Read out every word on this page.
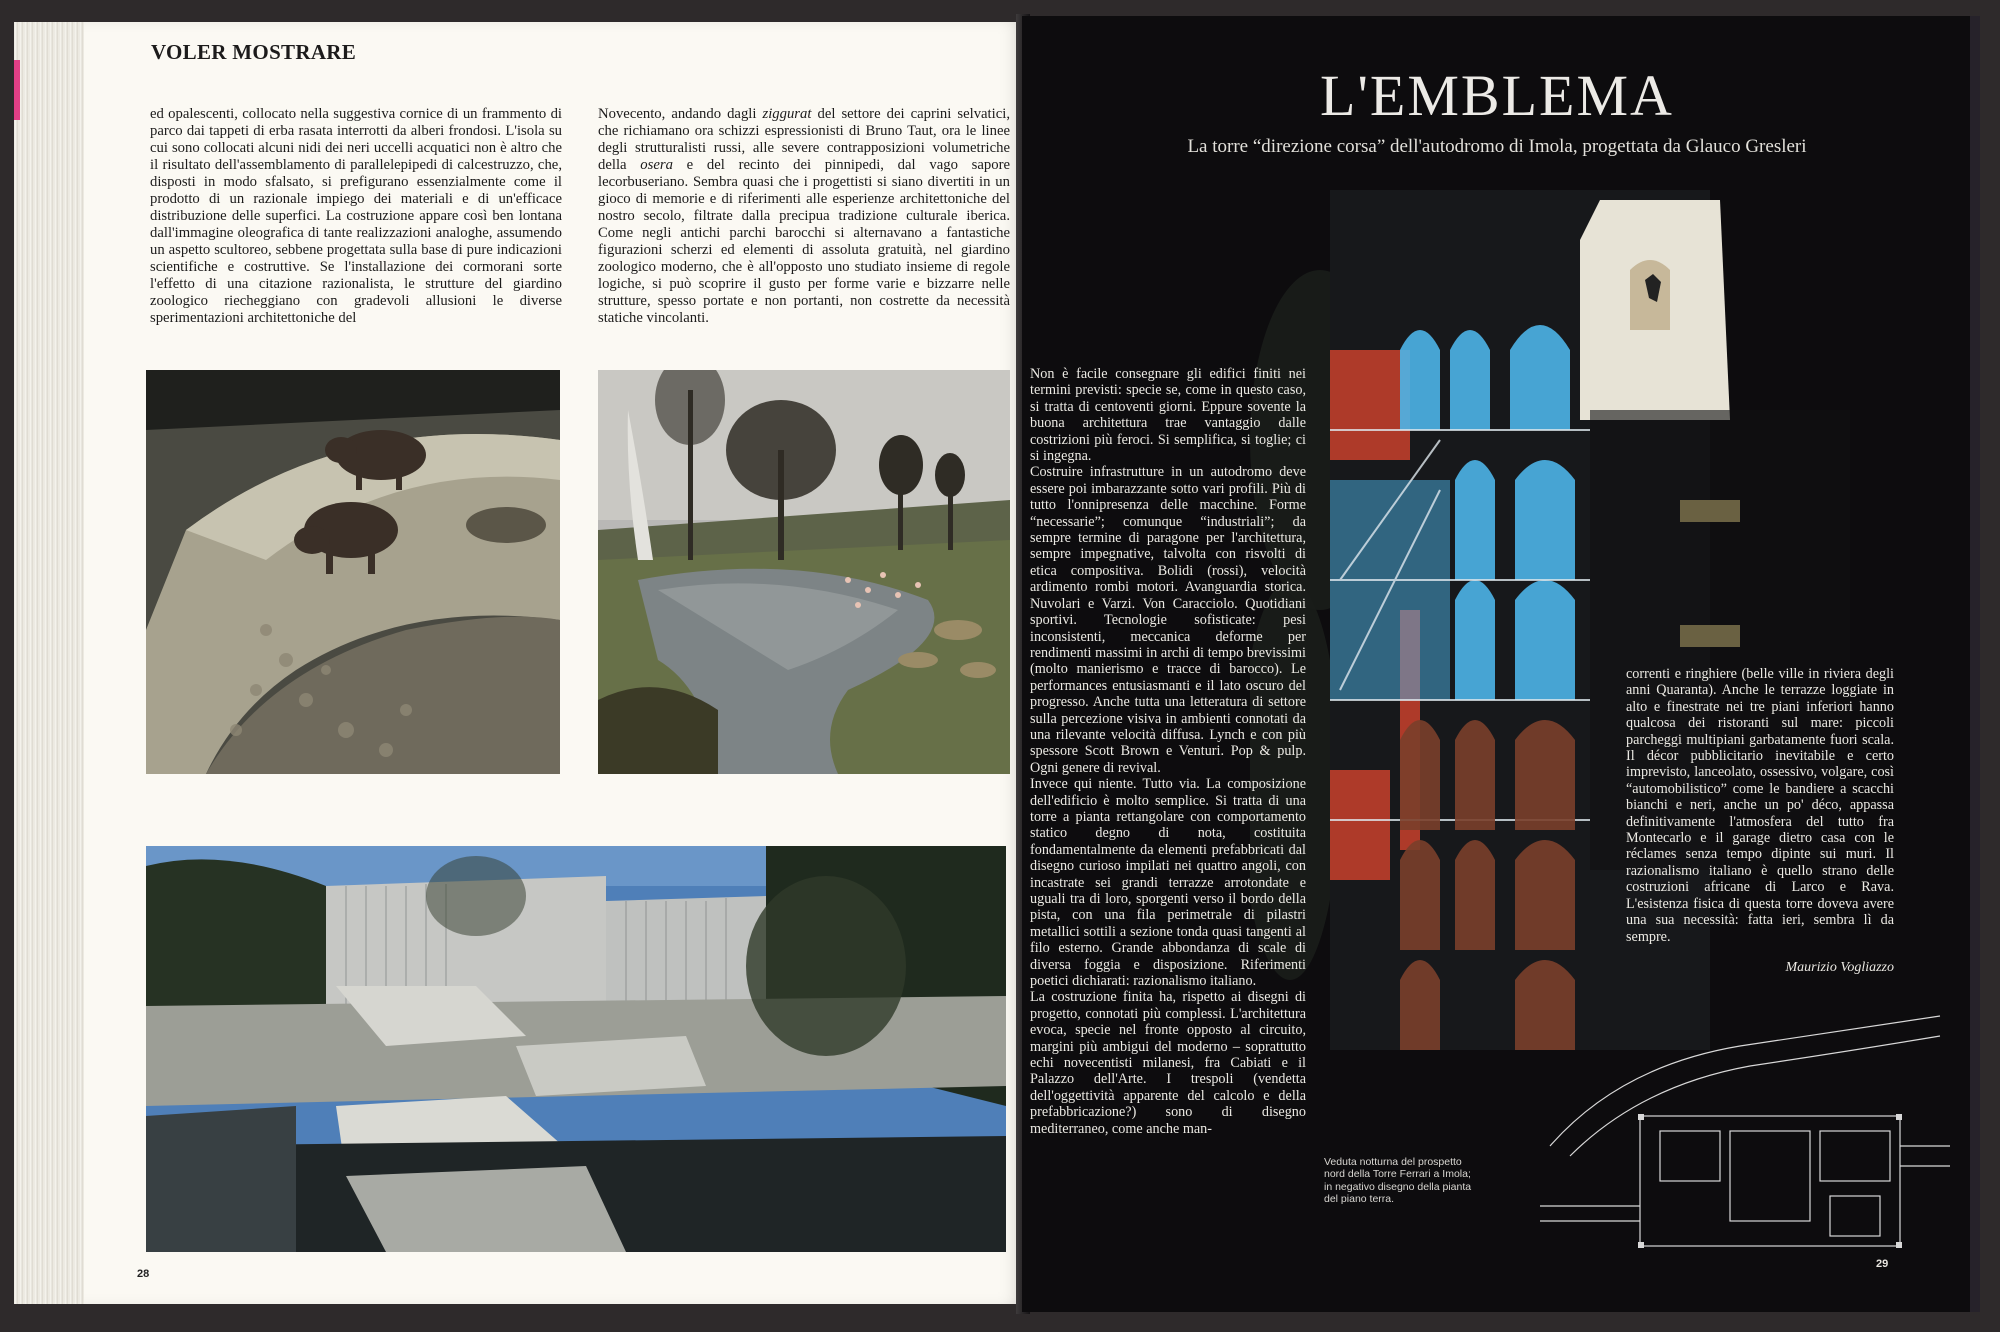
VOLER MOSTRARE

ed opalescenti, collocato nella suggestiva cornice di un frammento di parco dai tappeti di erba rasata interrotti da alberi frondosi. L'isola su cui sono collocati alcuni nidi dei neri uccelli acquatici non è altro che il risultato dell'assemblamento di parallelepipedi di calcestruzzo, che, disposti in modo sfalsato, si prefigurano essenzialmente come il prodotto di un razionale impiego dei materiali e di un'efficace distribuzione delle superfici. La costruzione appare così ben lontana dall'immagine oleografica di tante realizzazioni analoghe, assumendo un aspetto scultoreo, sebbene progettata sulla base di pure indicazioni scientifiche e costruttive. Se l'installazione dei cormorani sorte l'effetto di una citazione razionalista, le strutture del giardino zoologico riecheggiano con gradevoli allusioni le diverse sperimentazioni architettoniche del

Novecento, andando dagli ziggurat del settore dei caprini selvatici, che richiamano ora schizzi espressionisti di Bruno Taut, ora le linee degli strutturalisti russi, alle severe contrapposizioni volumetriche della osera e del recinto dei pinnipedi, dal vago sapore lecorbuseriano. Sembra quasi che i progettisti si siano divertiti in un gioco di memorie e di riferimenti alle esperienze architettoniche del nostro secolo, filtrate dalla precipua tradizione culturale iberica. Come negli antichi parchi barocchi si alternavano a fantastiche figurazioni scherzi ed elementi di assoluta gratuità, nel giardino zoologico moderno, che è all'opposto uno studiato insieme di regole logiche, si può scoprire il gusto per forme varie e bizzarre nelle strutture, spesso portate e non portanti, non costrette da necessità statiche vincolanti.

28
L'EMBLEMA
La torre “direzione corsa” dell'autodromo di Imola, progettata da Glauco Gresleri

Non è facile consegnare gli edifici finiti nei termini previsti: specie se, come in questo caso, si tratta di centoventi giorni. Eppure sovente la buona architettura trae vantaggio dalle costrizioni più feroci. Si semplifica, si toglie; ci si ingegna.

Costruire infrastrutture in un autodromo deve essere poi imbarazzante sotto vari profili. Più di tutto l'onnipresenza delle macchine. Forme “necessarie”; comunque “industriali”; da sempre termine di paragone per l'architettura, sempre impegnative, talvolta con risvolti di etica compositiva. Bolidi (rossi), velocità ardimento rombi motori. Avanguardia storica. Nuvolari e Varzi. Von Caracciolo. Quotidiani sportivi. Tecnologie sofisticate: pesi inconsistenti, meccanica deforme per rendimenti massimi in archi di tempo brevissimi (molto manierismo e tracce di barocco). Le performances entusiasmanti e il lato oscuro del progresso. Anche tutta una letteratura di settore sulla percezione visiva in ambienti connotati da una rilevante velocità diffusa. Lynch e con più spessore Scott Brown e Venturi. Pop & pulp. Ogni genere di revival.

Invece qui niente. Tutto via. La composizione dell'edificio è molto semplice. Si tratta di una torre a pianta rettangolare con comportamento statico degno di nota, costituita fondamentalmente da elementi prefabbricati dal disegno curioso impilati nei quattro angoli, con incastrate sei grandi terrazze arrotondate e uguali tra di loro, sporgenti verso il bordo della pista, con una fila perimetrale di pilastri metallici sottili a sezione tonda quasi tangenti al filo esterno. Grande abbondanza di scale di diversa foggia e disposizione. Riferimenti poetici dichiarati: razionalismo italiano.

La costruzione finita ha, rispetto ai disegni di progetto, connotati più complessi. L'architettura evoca, specie nel fronte opposto al circuito, margini più ambigui del moderno – soprattutto echi novecentisti milanesi, fra Cabiati e il Palazzo dell'Arte. I trespoli (vendetta dell'oggettività apparente del calcolo e della prefabbricazione?) sono di disegno mediterraneo, come anche man-

correnti e ringhiere (belle ville in riviera degli anni Quaranta). Anche le terrazze loggiate in alto e finestrate nei tre piani inferiori hanno qualcosa dei ristoranti sul mare: piccoli parcheggi multipiani garbatamente fuori scala. Il décor pubblicitario inevitabile e certo imprevisto, lanceolato, ossessivo, volgare, così “automobilistico” come le bandiere a scacchi bianchi e neri, anche un po' déco, appassa definitivamente l'atmosfera del tutto fra Montecarlo e il garage dietro casa con le réclames senza tempo dipinte sui muri. Il razionalismo italiano è quello strano delle costruzioni africane di Larco e Rava. L'esistenza fisica di questa torre doveva avere una sua necessità: fatta ieri, sembra lì da sempre.

Maurizio Vogliazzo
Veduta notturna del prospetto nord della Torre Ferrari a Imola; in negativo disegno della pianta del piano terra.
29
